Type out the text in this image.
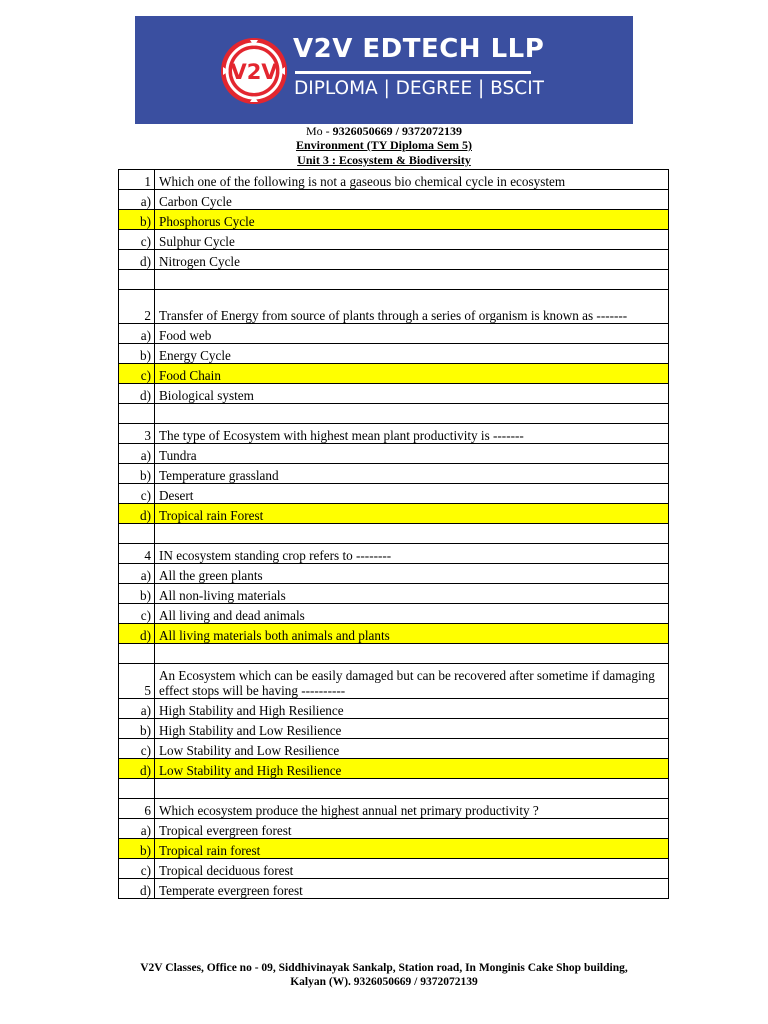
V2V
V2V EDTECH LLP
DIPLOMA | DEGREE | BSCIT
Mo - 9326050669 / 9372072139
Environment (TY Diploma Sem 5)
Unit 3 : Ecosystem & Biodiversity
1	Which one of the following is not a gaseous bio chemical cycle in ecosystem
a)	Carbon Cycle
b)	Phosphorus Cycle
c)	Sulphur Cycle
d)	Nitrogen Cycle

2	Transfer of Energy from source of plants through a series of organism is known as -------
a)	Food web
b)	Energy Cycle
c)	Food Chain
d)	Biological system

3	The type of Ecosystem with highest mean plant productivity is -------
a)	Tundra
b)	Temperature grassland
c)	Desert
d)	Tropical rain Forest

4	IN ecosystem standing crop refers to --------
a)	All the green plants
b)	All non-living materials
c)	All living and dead animals
d)	All living materials both animals and plants

5	An Ecosystem which can be easily damaged but can be recovered after sometime if damaging effect stops will be having ----------
a)	High Stability and High Resilience
b)	High Stability and Low Resilience
c)	Low Stability and Low Resilience
d)	Low Stability and High Resilience

6	Which ecosystem produce the highest annual net primary productivity ?
a)	Tropical evergreen forest
b)	Tropical rain forest
c)	Tropical deciduous forest
d)	Temperate evergreen forest
V2V Classes, Office no - 09, Siddhivinayak Sankalp, Station road, In Monginis Cake Shop building,
Kalyan (W). 9326050669 / 9372072139
